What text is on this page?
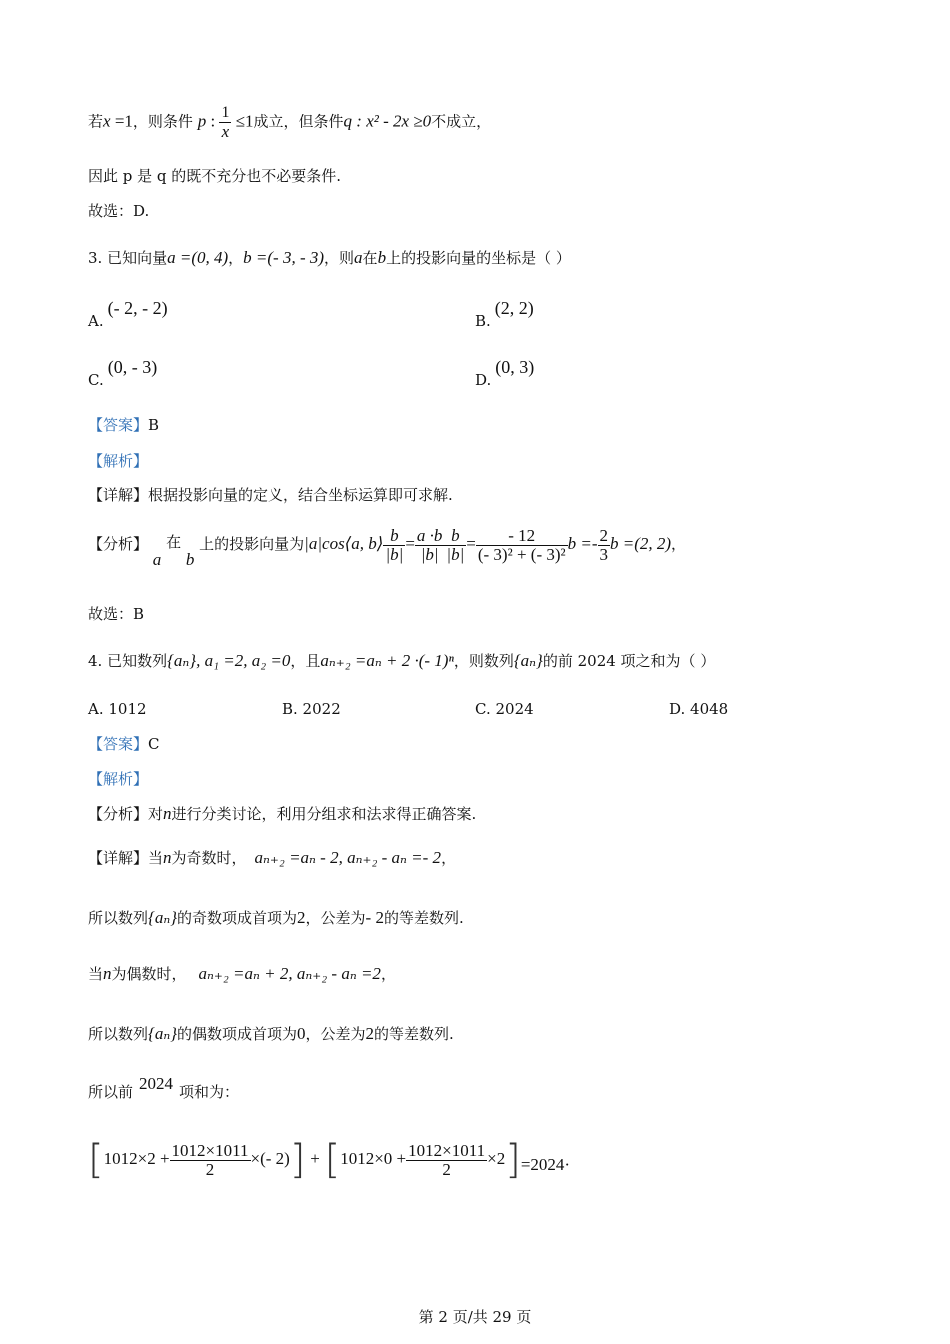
若x =1，则条件 p : $\frac{1}{x} \le 1$成立，但条件q : x² - 2x ≥0不成立，
因此 p 是 q 的既不充分也不必要条件.
故选：D.
3. 已知向量a =(0, 4)，b =(- 3, - 3)，则a在b上的投影向量的坐标是（ ）
A.(- 2, - 2)
B.(2, 2)
C.(0, - 3)
D.(0, 3)
【答案】B
【解析】
【详解】根据投影向量的定义，结合坐标运算即可求解.
【分析】 a 在 b 上的投影向量为|a|cos⟨a, b⟩ $\frac{b}{|b|} = \frac{a \cdot b}{|b|} \frac{b}{|b|} = \frac{- 12}{\text{(- 3)² + (- 3)²}}$ $b =- \frac{2}{3}$ b =(2, 2)，
故选：B
4. 已知数列{aₙ}, a₁ =2, a₂ =0，且aₙ₊₂ =aₙ + 2 ·(- 1)ⁿ，则数列{aₙ}的前 2024 项之和为（ ）
A. 1012	B. 2022	C. 2024	D. 4048
【答案】C
【解析】
【分析】对n进行分类讨论，利用分组求和法求得正确答案.
【详解】当n为奇数时， aₙ₊₂ =aₙ - 2, aₙ₊₂ - aₙ =- 2，
所以数列{aₙ}的奇数项成首项为2，公差为- 2的等差数列.
当n为偶数时， aₙ₊₂ =aₙ + 2, aₙ₊₂ - aₙ =2，
所以数列{aₙ}的偶数项成首项为0，公差为2的等差数列.
所以前 2024 项和为：
[$1012\times 2 + \frac{1012\times 1011}{2}$ ×(- $2)] + [1012\times 0 + \frac{1012\times 1011}{2} \times 2]=2024\cdot$
第 2 页/共 29 页
